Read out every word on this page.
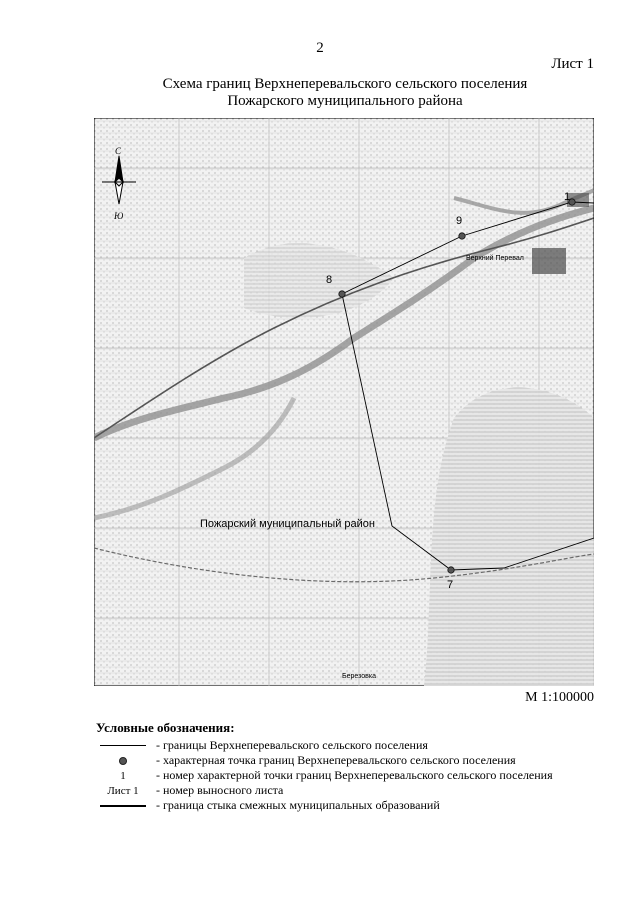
2
Лист 1
Схема границ Верхнеперевальского сельского поселения
Пожарского муниципального района
С
Ю
1
7
8
9
Верхний Перевал
Березовка
Пожарский муниципальный район
М 1:100000
Условные обозначения:
- границы Верхнеперевальского сельского поселения
- характерная точка границ Верхнеперевальского сельского поселения
1	- номер характерной точки границ Верхнеперевальского сельского поселения
Лист 1	- номер выносного листа
- граница стыка смежных муниципальных образований
